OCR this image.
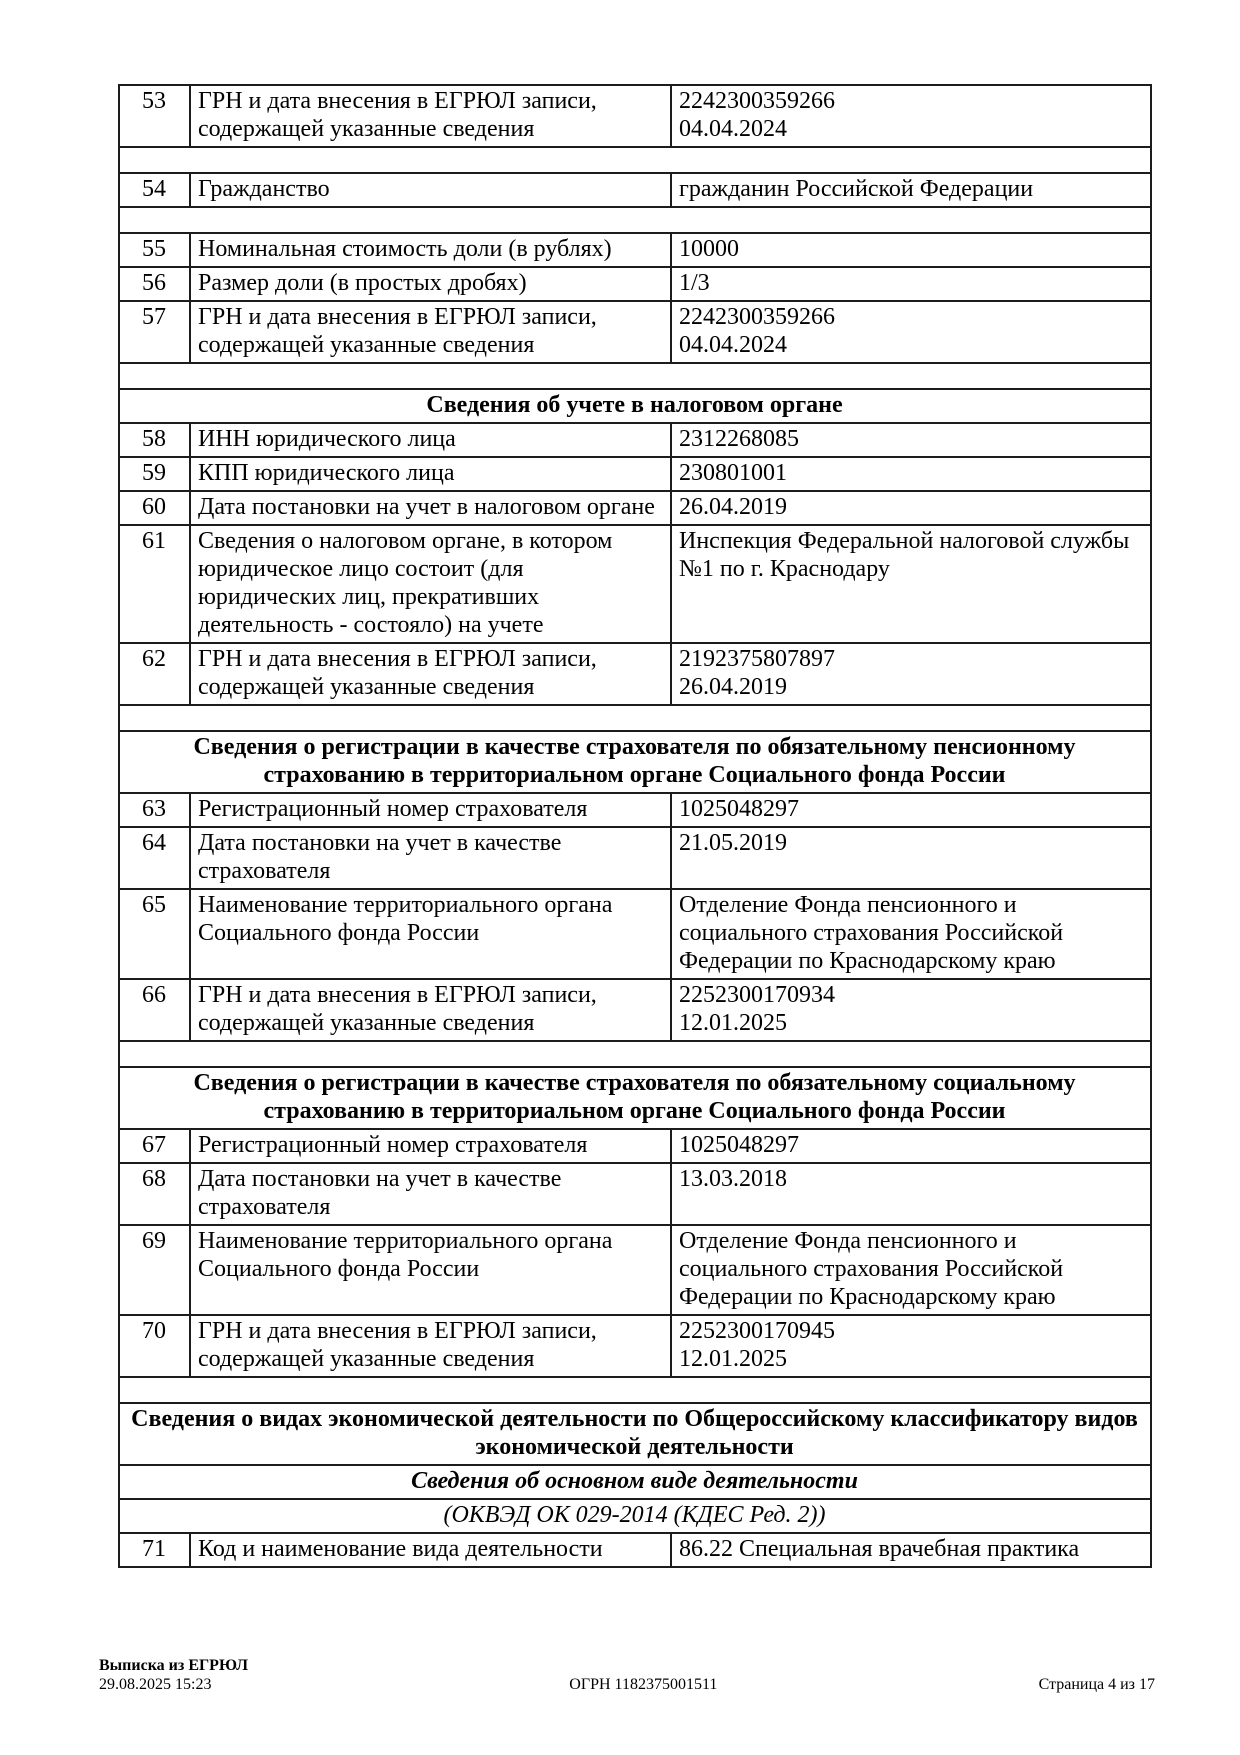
53	ГРН и дата внесения в ЕГРЮЛ записи, содержащей указанные сведения	2242300359266
04.04.2024

54	Гражданство	гражданин Российской Федерации

55	Номинальная стоимость доли (в рублях)	10000

56	Размер доли (в простых дробях)	1/3

57	ГРН и дата внесения в ЕГРЮЛ записи, содержащей указанные сведения	2242300359266
04.04.2024

Сведения об учете в налоговом органе		
58	ИНН юридического лица	2312268085

59	КПП юридического лица	230801001

60	Дата постановки на учет в налоговом органе	26.04.2019

61	Сведения о налоговом органе, в котором юридическое лицо состоит (для юридических лиц, прекративших деятельность - состояло) на учете	Инспекция Федеральной налоговой службы №1 по г. Краснодару

62	ГРН и дата внесения в ЕГРЮЛ записи, содержащей указанные сведения	2192375807897
26.04.2019

Сведения о регистрации в качестве страхователя по обязательному пенсионному страхованию в территориальном органе Социального фонда России		
63	Регистрационный номер страхователя	1025048297

64	Дата постановки на учет в качестве страхователя	21.05.2019

65	Наименование территориального органа Социального фонда России	Отделение Фонда пенсионного и социального страхования Российской Федерации по Краснодарскому краю

66	ГРН и дата внесения в ЕГРЮЛ записи, содержащей указанные сведения	2252300170934
12.01.2025

Сведения о регистрации в качестве страхователя по обязательному социальному страхованию в территориальном органе Социального фонда России		
67	Регистрационный номер страхователя	1025048297

68	Дата постановки на учет в качестве страхователя	13.03.2018

69	Наименование территориального органа Социального фонда России	Отделение Фонда пенсионного и социального страхования Российской Федерации по Краснодарскому краю

70	ГРН и дата внесения в ЕГРЮЛ записи, содержащей указанные сведения	2252300170945
12.01.2025

Сведения о видах экономической деятельности по Общероссийскому классификатору видов экономической деятельности		
Сведения об основном виде деятельности		
(ОКВЭД ОК 029-2014 (КДЕС Ред. 2))		
71	Код и наименование вида деятельности	86.22 Специальная врачебная практика
Выписка из ЕГРЮЛ
29.08.2025 15:23	ОГРН 1182375001511	Страница 4 из 17
